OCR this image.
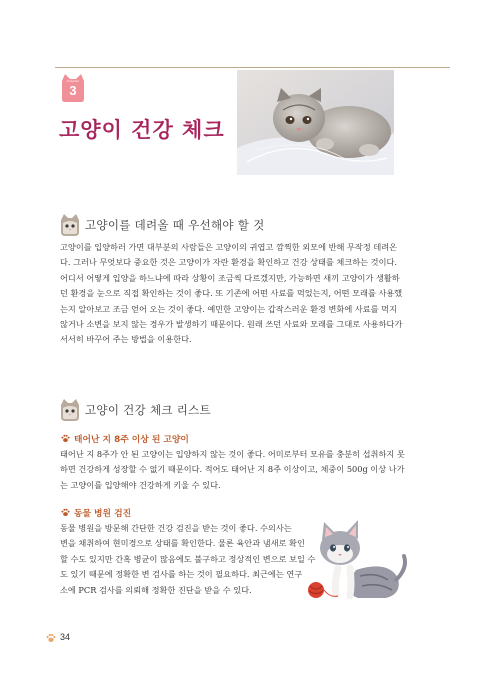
chapter
3
고양이 건강 체크
고양이를 데려올 때 우선해야 할 것
고양이를 입양하러 가면 대부분의 사람들은 고양이의 귀엽고 깜찍한 외모에 반해 무작정 데려온
다. 그러나 무엇보다 중요한 것은 고양이가 자란 환경을 확인하고 건강 상태를 체크하는 것이다.
어디서 어떻게 입양을 하느냐에 따라 상황이 조금씩 다르겠지만, 가능하면 새끼 고양이가 생활하
던 환경을 눈으로 직접 확인하는 것이 좋다. 또 기존에 어떤 사료를 먹었는지, 어떤 모래를 사용했
는지 알아보고 조금 얻어 오는 것이 좋다. 예민한 고양이는 갑작스러운 환경 변화에 사료를 먹지
않거나 소변을 보지 않는 경우가 발생하기 때문이다. 원래 쓰던 사료와 모래를 그대로 사용하다가
서서히 바꾸어 주는 방법을 이용한다.
고양이 건강 체크 리스트
태어난 지 8주 이상 된 고양이
태어난 지 8주가 안 된 고양이는 입양하지 않는 것이 좋다. 어미로부터 모유를 충분히 섭취하지 못
하면 건강하게 성장할 수 없기 때문이다. 적어도 태어난 지 8주 이상이고, 체중이 500g 이상 나가
는 고양이를 입양해야 건강하게 키울 수 있다.
동물 병원 검진
동물 병원을 방문해 간단한 건강 검진을 받는 것이 좋다. 수의사는
변을 채취하여 현미경으로 상태를 확인한다. 물론 육안과 냄새로 확인
할 수도 있지만 간혹 병균이 많음에도 불구하고 정상적인 변으로 보일 수
도 있기 때문에 정확한 변 검사를 하는 것이 필요하다. 최근에는 연구
소에 PCR 검사를 의뢰해 정확한 진단을 받을 수 있다.
34
